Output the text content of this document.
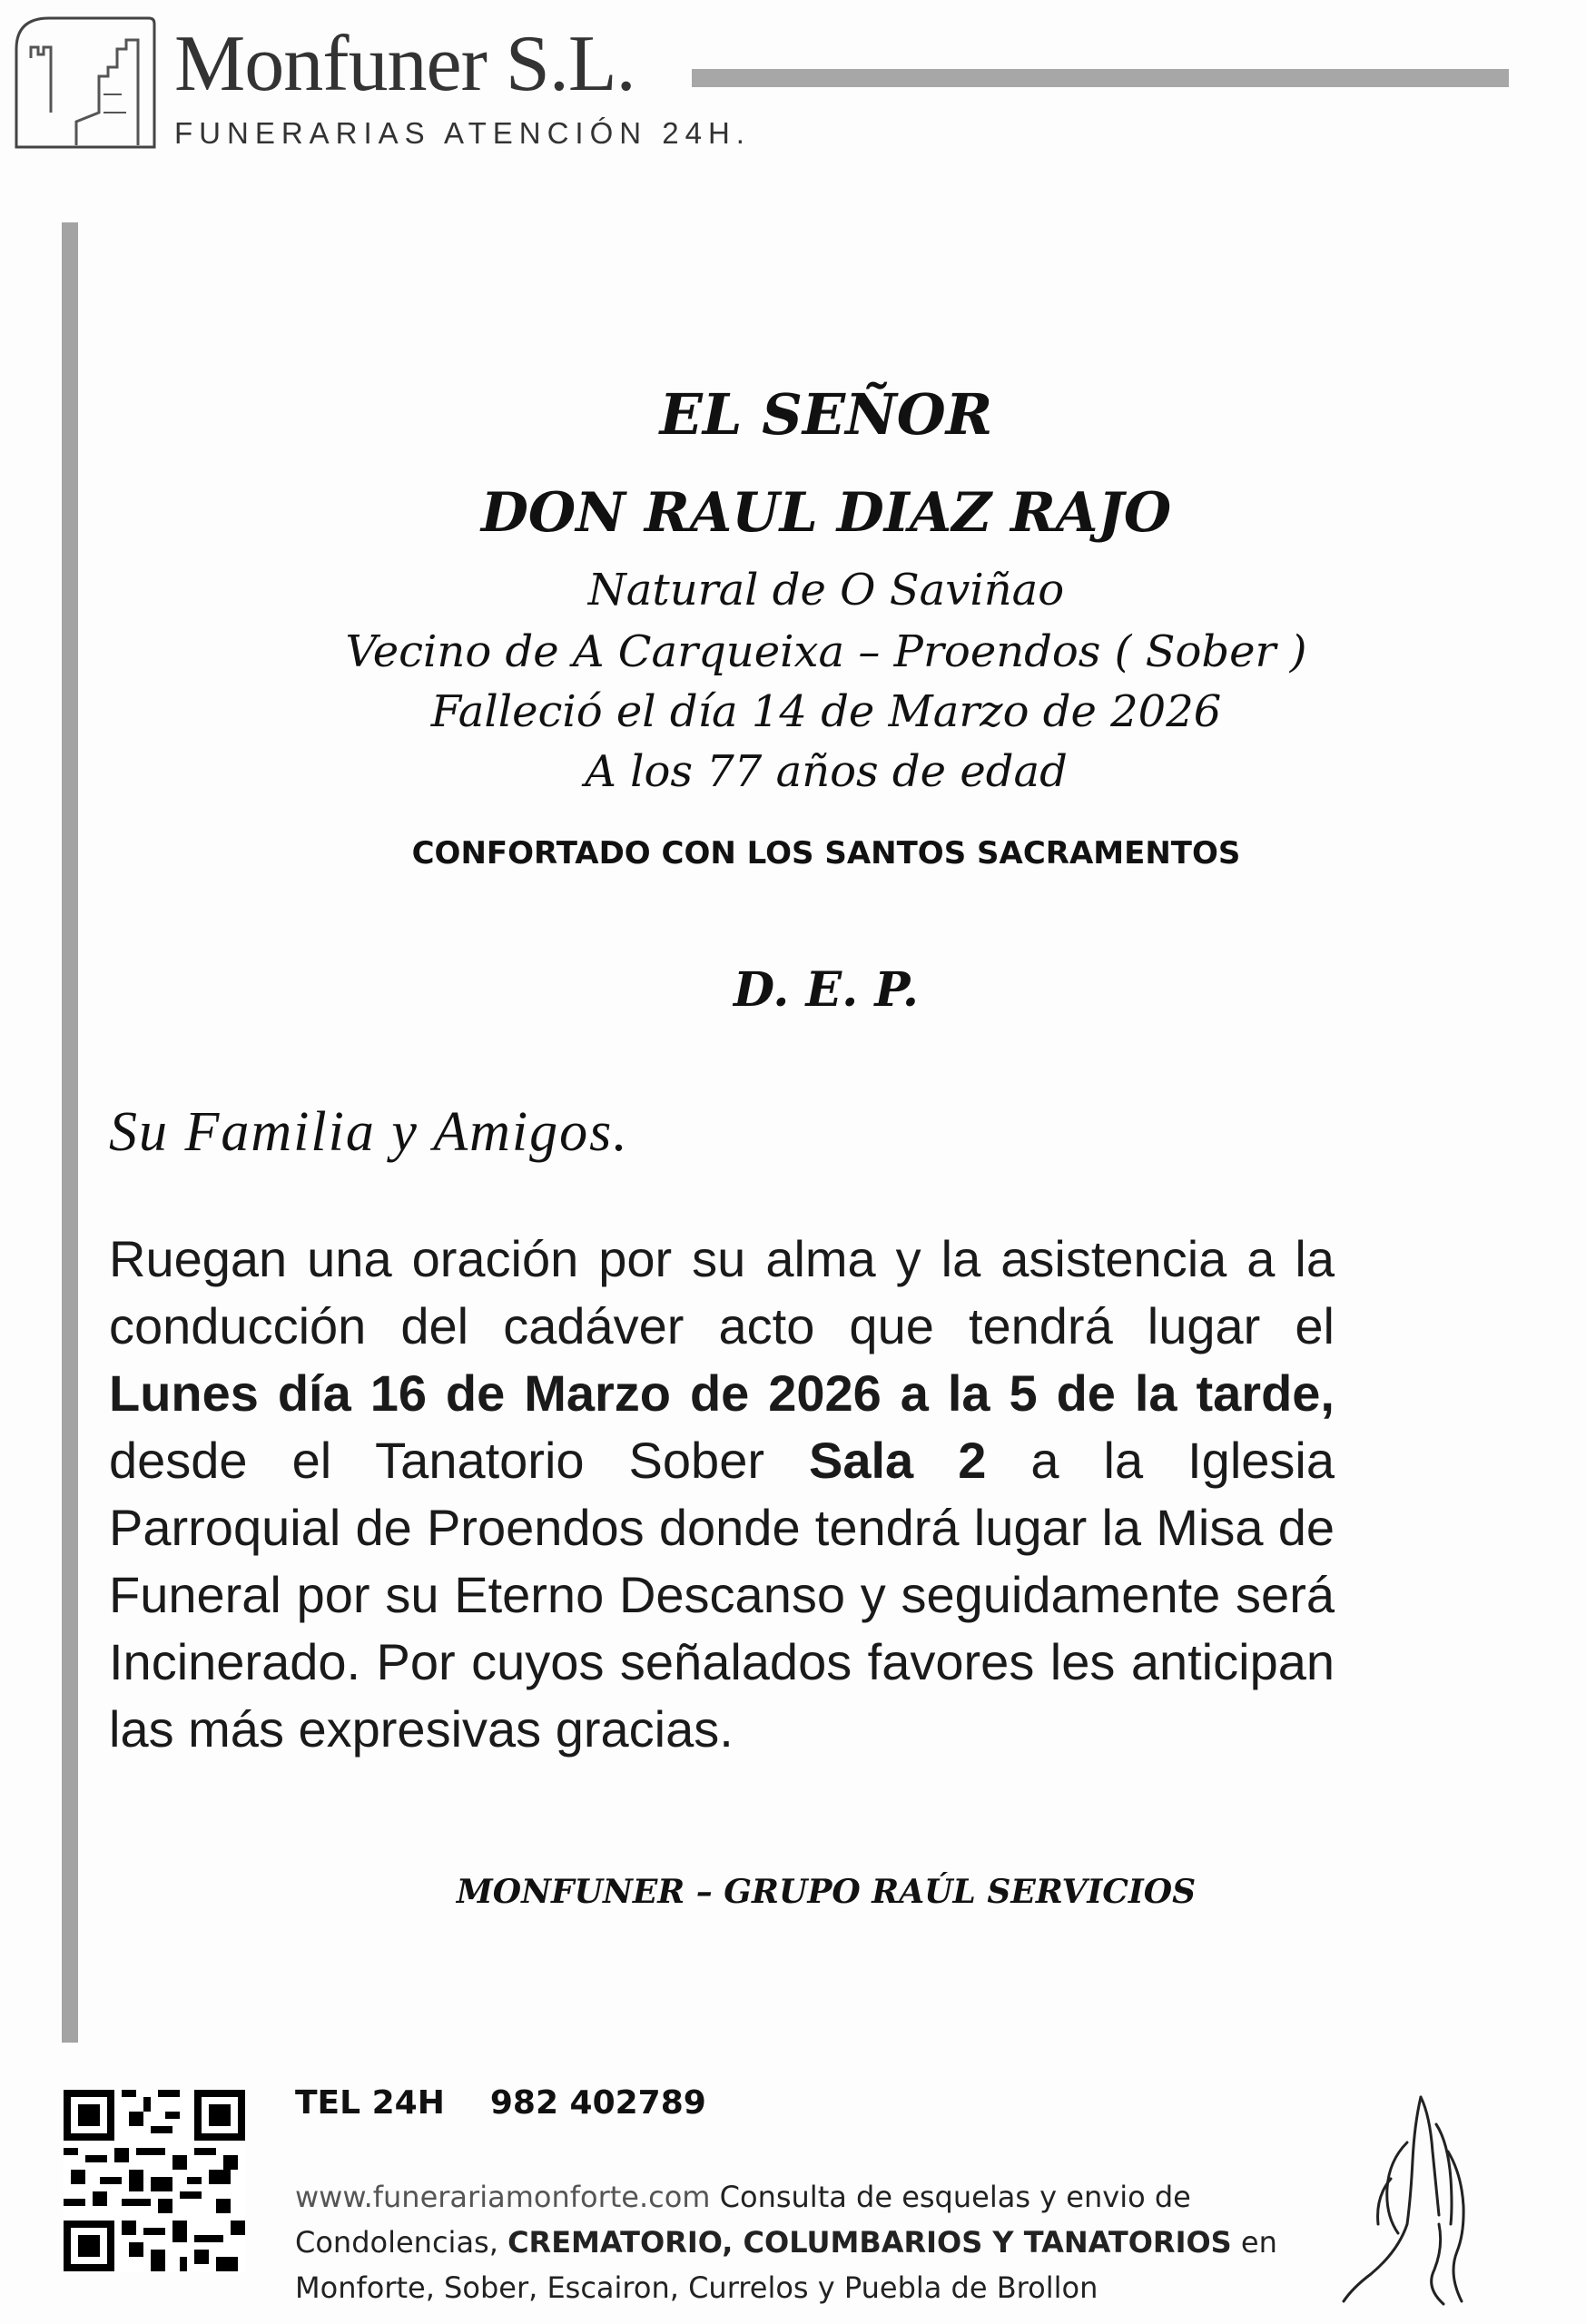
Monfuner S.L.
FUNERARIAS ATENCIÓN 24H.
EL SEÑOR
DON RAUL DIAZ RAJO
Natural de O Saviñao
Vecino de A Carqueixa – Proendos ( Sober )
Falleció el día 14 de Marzo de 2026
A los 77 años de edad
CONFORTADO CON LOS SANTOS SACRAMENTOS
D. E. P.
Su Familia y Amigos.
Ruegan una oración por su alma y la asistencia a la conducción del cadáver acto que tendrá lugar el Lunes día 16 de Marzo de 2026 a la 5 de la tarde, desde el Tanatorio Sober Sala 2 a la Iglesia Parroquial de Proendos donde tendrá lugar la Misa de Funeral por su Eterno Descanso y seguidamente será Incinerado. Por cuyos señalados favores les anticipan las más expresivas gracias.
MONFUNER – GRUPO RAÚL SERVICIOS
TEL 24H 982 402789
www.funerariamonforte.com Consulta de esquelas y envio de Condolencias, CREMATORIO, COLUMBARIOS Y TANATORIOS en Monforte, Sober, Escairon, Currelos y Puebla de Brollon
